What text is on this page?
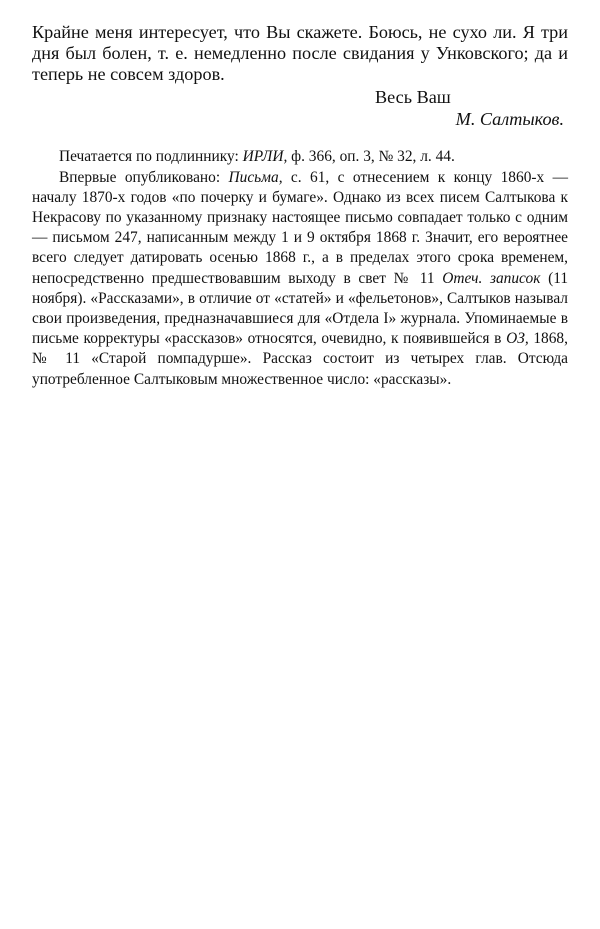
Крайне меня интересует, что Вы скажете. Боюсь, не сухо ли. Я три дня был болен, т. е. немедленно после свидания у Унковского; да и теперь не совсем здоров.

Весь Ваш
М. Салтыков.

Печатается по подлиннику: ИРЛИ, ф. 366, оп. 3, № 32, л. 44.

Впервые опубликовано: Письма, с. 61, с отнесением к концу 1860-х — началу 1870-х годов «по почерку и бумаге». Однако из всех писем Салтыкова к Некрасову по указанному признаку настоящее письмо совпадает только с одним — письмом 247, написанным между 1 и 9 октября 1868 г. Значит, его вероятнее всего следует датировать осенью 1868 г., а в пределах этого срока временем, непосредственно предшествовавшим выходу в свет № 11 Отеч. записок (11 ноября). «Рассказами», в отличие от «статей» и «фельетонов», Салтыков называл свои произведения, предназначавшиеся для «Отдела I» журнала. Упоминаемые в письме корректуры «рассказов» относятся, очевидно, к появившейся в ОЗ, 1868, № 11 «Старой помпадурше». Рассказ состоит из четырех глав. Отсюда употребленное Салтыковым множественное число: «рассказы».
